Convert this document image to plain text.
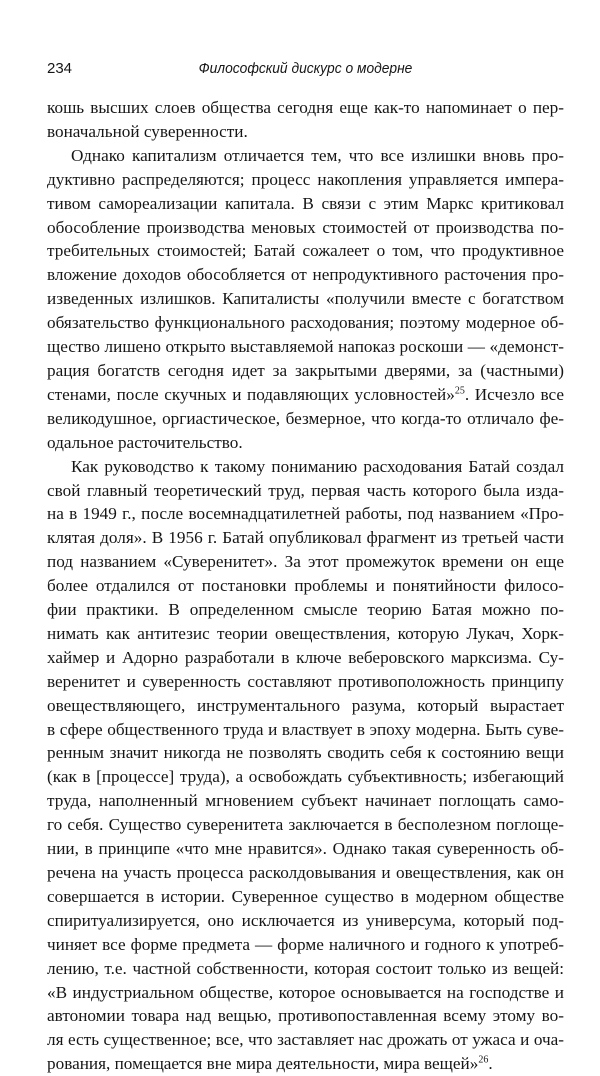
234	Философский дискурс о модерне
кошь высших слоев общества сегодня еще как-то напоминает о пер-
воначальной суверенности.
Однако капитализм отличается тем, что все излишки вновь про-
дуктивно распределяются; процесс накопления управляется импера-
тивом самореализации капитала. В связи с этим Маркс критиковал
обособление производства меновых стоимостей от производства по-
требительных стоимостей; Батай сожалеет о том, что продуктивное
вложение доходов обособляется от непродуктивного расточения про-
изведенных излишков. Капиталисты «получили вместе с богатством
обязательство функционального расходования; поэтому модерное об-
щество лишено открыто выставляемой напоказ роскоши — «демонст-
рация богатств сегодня идет за закрытыми дверями, за (частными)
стенами, после скучных и подавляющих условностей»$^{25}$. Исчезло все
великодушное, оргиастическое, безмерное, что когда-то отличало фе-
одальное расточительство.
Как руководство к такому пониманию расходования Батай создал
свой главный теоретический труд, первая часть которого была изда-
на в 1949 г., после восемнадцатилетней работы, под названием «Про-
клятая доля». В 1956 г. Батай опубликовал фрагмент из третьей части
под названием «Суверенитет». За этот промежуток времени он еще
более отдалился от постановки проблемы и понятийности филосо-
фии практики. В определенном смысле теорию Батая можно по-
нимать как антитезис теории овеществления, которую Лукач, Хорк-
хаймер и Адорно разработали в ключе веберовского марксизма. Су-
веренитет и суверенность составляют противоположность принципу
овеществляющего, инструментального разума, который вырастает
в сфере общественного труда и властвует в эпоху модерна. Быть суве-
ренным значит никогда не позволять сводить себя к состоянию вещи
(как в [процессе] труда), а освобождать субъективность; избегающий
труда, наполненный мгновением субъект начинает поглощать само-
го себя. Существо суверенитета заключается в бесполезном поглоще-
нии, в принципе «что мне нравится». Однако такая суверенность об-
речена на участь процесса расколдовывания и овеществления, как он
совершается в истории. Суверенное существо в модерном обществе
спиритуализируется, оно исключается из универсума, который под-
чиняет все форме предмета — форме наличного и годного к употреб-
лению, т.е. частной собственности, которая состоит только из вещей:
«В индустриальном обществе, которое основывается на господстве и
автономии товара над вещью, противопоставленная всему этому во-
ля есть существенное; все, что заставляет нас дрожать от ужаса и оча-
рования, помещается вне мира деятельности, мира вещей»$^{26}$.
